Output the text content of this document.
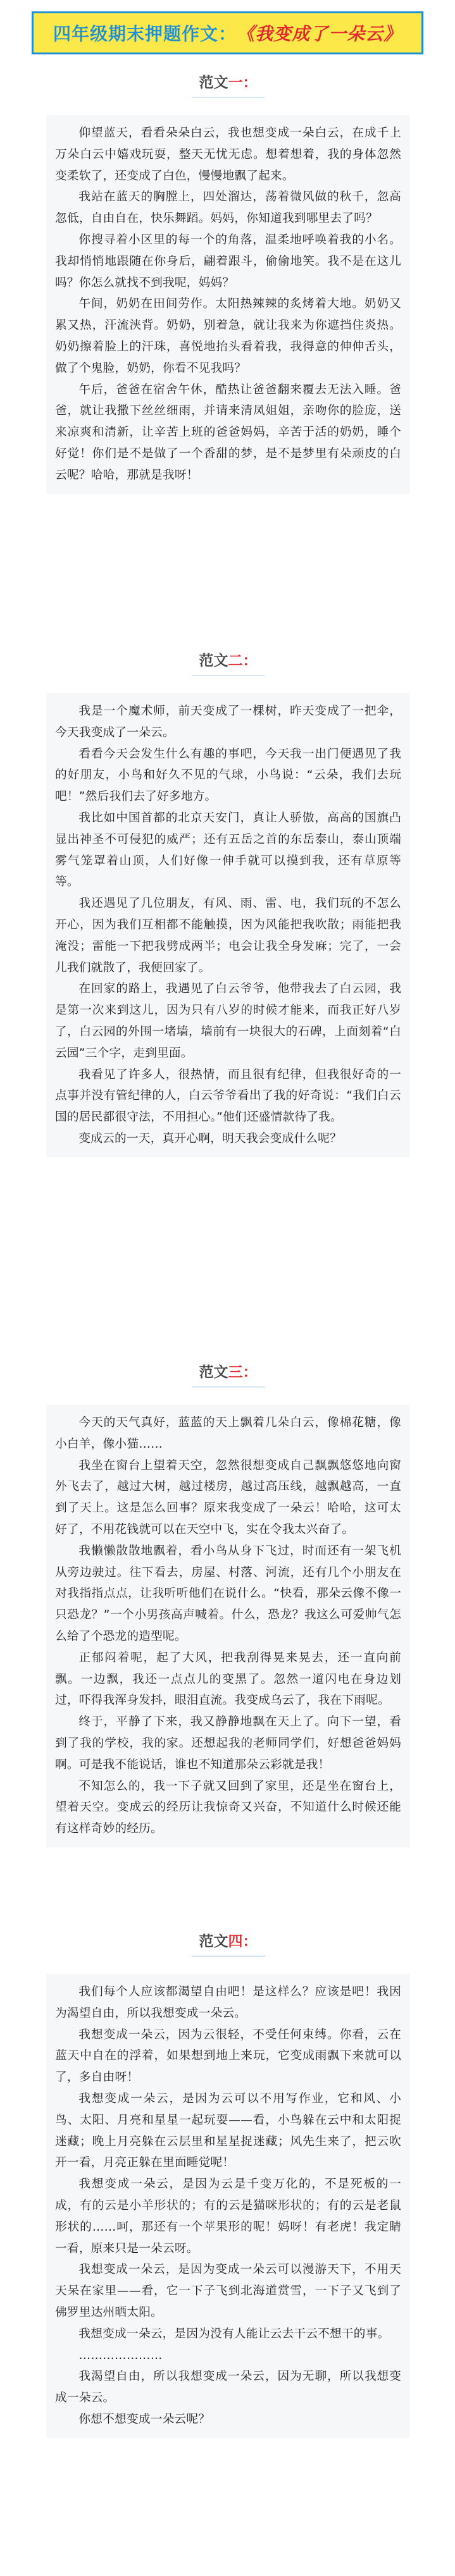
四年级期末押题作文： 《我变成了一朵云》
范文一：

仰望蓝天，看看朵朵白云，我也想变成一朵白云，在成千上万朵白云中嬉戏玩耍，整天无忧无虑。想着想着，我的身体忽然变柔软了，还变成了白色，慢慢地飘了起来。

我站在蓝天的胸膛上，四处溜达，荡着微风做的秋千，忽高忽低，自由自在，快乐舞蹈。妈妈，你知道我到哪里去了吗？

你搜寻着小区里的每一个的角落，温柔地呼唤着我的小名。我却悄悄地跟随在你身后，翩着跟斗，偷偷地笑。我不是在这儿吗？你怎么就找不到我呢，妈妈？

午间，奶奶在田间劳作。太阳热辣辣的炙烤着大地。奶奶又累又热，汗流浃背。奶奶，别着急，就让我来为你遮挡住炎热。奶奶擦着脸上的汗珠，喜悦地抬头看着我，我得意的伸伸舌头，做了个鬼脸，奶奶，你看不见我吗？

午后，爸爸在宿舍午休，酷热让爸爸翻来覆去无法入睡。爸爸，就让我撒下丝丝细雨，并请来清凤姐姐，亲吻你的脸庞，送来凉爽和清新，让辛苦上班的爸爸妈妈，辛苦于活的奶奶，睡个好觉！你们是不是做了一个香甜的梦，是不是梦里有朵顽皮的白云呢？哈哈，那就是我呀！

范文二：

我是一个魔术师，前天变成了一棵树，昨天变成了一把伞，今天我变成了一朵云。

看看今天会发生什么有趣的事吧，今天我一出门便遇见了我的好朋友，小鸟和好久不见的气球，小鸟说：“云朵，我们去玩吧！”然后我们去了好多地方。

我比如中国首都的北京天安门，真让人骄傲，高高的国旗凸显出神圣不可侵犯的威严；还有五岳之首的东岳泰山，泰山顶端雾气笼罩着山顶，人们好像一伸手就可以摸到我，还有草原等等。

我还遇见了几位朋友，有风、雨、雷、电，我们玩的不怎么开心，因为我们互相都不能触摸，因为风能把我吹散；雨能把我淹没；雷能一下把我劈成两半；电会让我全身发麻；完了，一会儿我们就散了，我便回家了。

在回家的路上，我遇见了白云爷爷，他带我去了白云园，我是第一次来到这儿，因为只有八岁的时候才能来，而我正好八岁了，白云园的外围一堵墙，墙前有一块很大的石碑，上面刻着“白云园”三个字，走到里面。

我看见了许多人，很热情，而且很有纪律，但我很好奇的一点事并没有管纪律的人，白云爷爷看出了我的好奇说：“我们白云国的居民都很守法，不用担心。”他们还盛情款待了我。

变成云的一天，真开心啊，明天我会变成什么呢？

范文三：

今天的天气真好，蓝蓝的天上飘着几朵白云，像棉花糖，像小白羊，像小猫……

我坐在窗台上望着天空，忽然很想变成自己飘飘悠悠地向窗外飞去了，越过大树，越过楼房，越过高压线，越飘越高，一直到了天上。这是怎么回事？原来我变成了一朵云！哈哈，这可太好了，不用花钱就可以在天空中飞，实在令我太兴奋了。

我懒懒散散地飘着，看小鸟从身下飞过，时而还有一架飞机从旁边驶过。往下看去，房屋、村落、河流，还有几个小朋友在对我指指点点，让我听听他们在说什么。“快看，那朵云像不像一只恐龙？”一个小男孩高声喊着。什么，恐龙？我这么可爱帅气怎么给了个恐龙的造型呢。

正郁闷着呢，起了大风，把我刮得晃来晃去，还一直向前飘。一边飘，我还一点点儿的变黑了。忽然一道闪电在身边划过，吓得我浑身发抖，眼泪直流。我变成乌云了，我在下雨呢。

终于，平静了下来，我又静静地飘在天上了。向下一望，看到了我的学校，我的家。还想起我的老师同学们，好想爸爸妈妈啊。可是我不能说话，谁也不知道那朵云彩就是我！

不知怎么的，我一下子就又回到了家里，还是坐在窗台上，望着天空。变成云的经历让我惊奇又兴奋，不知道什么时候还能有这样奇妙的经历。

范文四：

我们每个人应该都渴望自由吧！是这样么？应该是吧！我因为渴望自由，所以我想变成一朵云。

我想变成一朵云，因为云很轻，不受任何束缚。你看，云在蓝天中自在的浮着，如果想到地上来玩，它变成雨飘下来就可以了，多自由呀！

我想变成一朵云，是因为云可以不用写作业，它和风、小鸟、太阳、月亮和星星一起玩耍——看，小鸟躲在云中和太阳捉迷藏；晚上月亮躲在云层里和星星捉迷藏；风先生来了，把云吹开一看，月亮正躲在里面睡觉呢！

我想变成一朵云，是因为云是千变万化的，不是死板的一成，有的云是小羊形状的；有的云是猫咪形状的；有的云是老鼠形状的……呵，那还有一个苹果形的呢！妈呀！有老虎！我定睛一看，原来只是一朵云呀。

我想变成一朵云，是因为变成一朵云可以漫游天下，不用天天呆在家里——看，它一下子飞到北海道赏雪，一下子又飞到了佛罗里达州晒太阳。

我想变成一朵云，是因为没有人能让云去干云不想干的事。

…………………

我渴望自由，所以我想变成一朵云，因为无聊，所以我想变成一朵云。

你想不想变成一朵云呢？
